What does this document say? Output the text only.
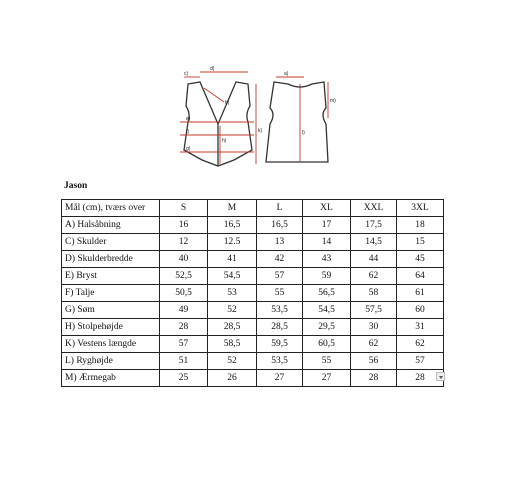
c)
d)
b)
e)
f)
g)
h)
k)
a)
m)
l)
Jason
Mål (cm), tværs over	S	M	L	XL	XXL	3XL
A) Halsåbning	16	16,5	16,5	17	17,5	18
C) Skulder	12	12.5	13	14	14,5	15
D) Skulderbredde	40	41	42	43	44	45
E) Bryst	52,5	54,5	57	59	62	64
F) Talje	50,5	53	55	56,5	58	61
G) Søm	49	52	53,5	54,5	57,5	60
H) Stolpehøjde	28	28,5	28,5	29,5	30	31
K) Vestens længde	57	58,5	59,5	60,5	62	62
L) Ryghøjde	51	52	53,5	55	56	57
M) Ærmegab	25	26	27	27	28	28
